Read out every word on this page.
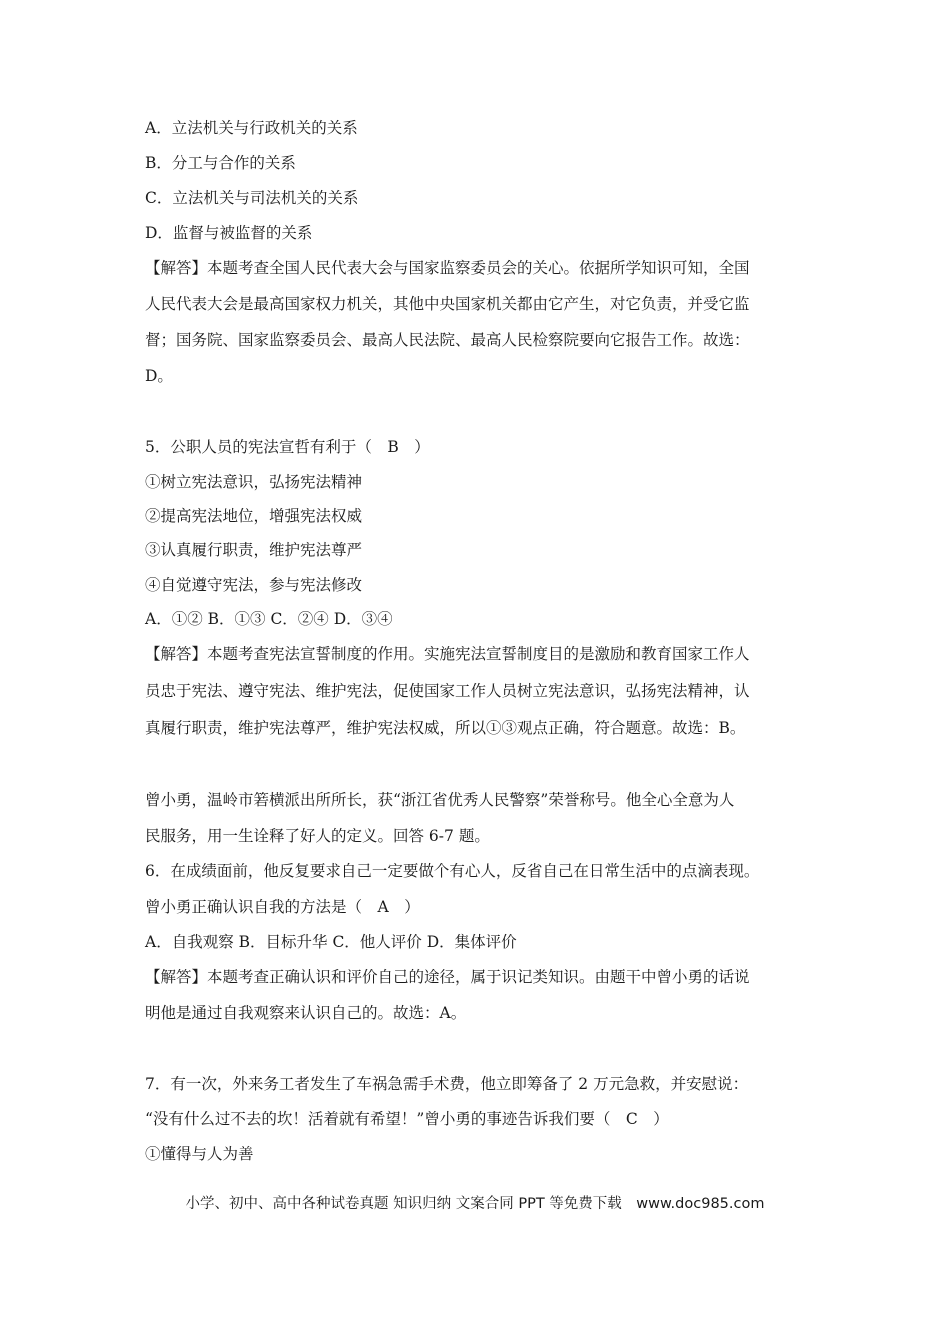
A．立法机关与行政机关的关系
B．分工与合作的关系
C．立法机关与司法机关的关系
D．监督与被监督的关系
【解答】本题考查全国人民代表大会与国家监察委员会的关心。依据所学知识可知，全国
人民代表大会是最高国家权力机关，其他中央国家机关都由它产生，对它负责，并受它监
督；国务院、国家监察委员会、最高人民法院、最高人民检察院要向它报告工作。故选：
D。
5．公职人员的宪法宣哲有利于（　B　）
①树立宪法意识，弘扬宪法精神
②提高宪法地位，增强宪法权威
③认真履行职责，维护宪法尊严
④自觉遵守宪法，参与宪法修改
A．①② B．①③ C．②④ D．③④
【解答】本题考查宪法宣誓制度的作用。实施宪法宣誓制度目的是激励和教育国家工作人
员忠于宪法、遵守宪法、维护宪法，促使国家工作人员树立宪法意识，弘扬宪法精神，认
真履行职责，维护宪法尊严，维护宪法权威，所以①③观点正确，符合题意。故选：B。
曾小勇，温岭市箬横派出所所长，获“浙江省优秀人民警察”荣誉称号。他全心全意为人
民服务，用一生诠释了好人的定义。回答 6-7 题。
6．在成绩面前，他反复要求自己一定要做个有心人，反省自己在日常生活中的点滴表现。
曾小勇正确认识自我的方法是（　A　）
A．自我观察 B．目标升华 C．他人评价 D．集体评价
【解答】本题考查正确认识和评价自己的途径，属于识记类知识。由题干中曾小勇的话说
明他是通过自我观察来认识自己的。故选：A。
7．有一次，外来务工者发生了车祸急需手术费，他立即筹备了 2 万元急救，并安慰说：
“没有什么过不去的坎！活着就有希望！”曾小勇的事迹告诉我们要（　C　）
①懂得与人为善
小学、初中、高中各种试卷真题 知识归纳 文案合同 PPT 等免费下载　www.doc985.com
